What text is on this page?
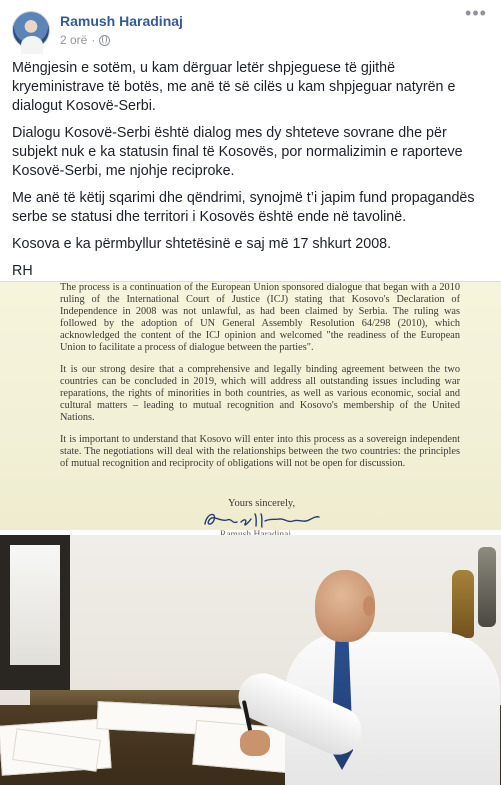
Ramush Haradinaj
2 orë ·
•••

Mëngjesin e sotëm, u kam dërguar letër shpjeguese të gjithë kryeministrave të botës, me anë të së cilës u kam shpjeguar natyrën e dialogut Kosovë-Serbi.

Dialogu Kosovë-Serbi është dialog mes dy shteteve sovrane dhe për subjekt nuk e ka statusin final të Kosovës, por normalizimin e raporteve Kosovë-Serbi, me njohje reciproke.

Me anë të këtij sqarimi dhe qëndrimi, synojmë t’i japim fund propagandës serbe se statusi dhe territori i Kosovës është ende në tavolinë.

Kosova e ka përmbyllur shtetësinë e saj më 17 shkurt 2008.

RH

The process is a continuation of the European Union sponsored dialogue that began with a 2010 ruling of the International Court of Justice (ICJ) stating that Kosovo's Declaration of Independence in 2008 was not unlawful, as had been claimed by Serbia. The ruling was followed by the adoption of UN General Assembly Resolution 64/298 (2010), which acknowledged the content of the ICJ opinion and welcomed "the readiness of the European Union to facilitate a process of dialogue between the parties".

It is our strong desire that a comprehensive and legally binding agreement between the two countries can be concluded in 2019, which will address all outstanding issues including war reparations, the rights of minorities in both countries, as well as various economic, social and cultural matters – leading to mutual recognition and Kosovo's membership of the United Nations.

It is important to understand that Kosovo will enter into this process as a sovereign independent state. The negotiations will deal with the relationships between the two countries: the principles of mutual recognition and reciprocity of obligations will not be open for discussion.

Yours sincerely,
